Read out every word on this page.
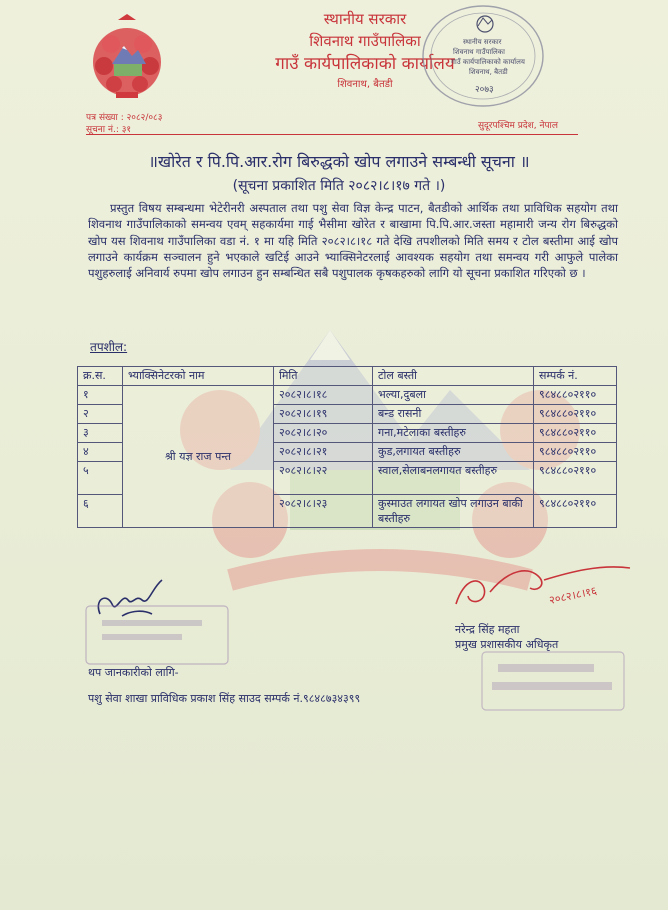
स्थानीय सरकार
शिवनाथ गाउँपालिका
गाउँ कार्यपालिकाको कार्यालय
शिवनाथ, बैतडी
स्थानीय सरकार
शिवनाथ गाउँपालिका
गाउँ कार्यपालिकाको कार्यालय
शिवनाथ, बैतडी
२०७३
पत्र संख्या : २०८२/०८३
सूचना नं.: ३१	सुदूरपश्चिम प्रदेश, नेपाल
॥खोरेत र पि.पि.आर.रोग बिरुद्धको खोप लगाउने सम्बन्धी सूचना ॥
(सूचना प्रकाशित मिति २०८२।८।१७ गते ।)
प्रस्तुत विषय सम्बन्धमा भेटेरीनरी अस्पताल तथा पशु सेवा विज्ञ केन्द्र पाटन, बैतडीको आर्थिक तथा प्राविधिक सहयोग तथा शिवनाथ गाउँपालिकाको समन्वय एवम् सहकार्यमा गाई भैसीमा खोरेत र बाखामा पि.पि.आर.जस्ता महामारी जन्य रोग बिरुद्धको खोप यस शिवनाथ गाउँपालिका वडा नं. १ मा यहि मिति २०८२।८।१८ गते देखि तपशीलको मिति समय र टोल बस्तीमा आई खोप लगाउने कार्यक्रम सञ्चालन हुने भएकाले खटिई आउने भ्याक्सिनेटरलाई आवश्यक सहयोग तथा समन्वय गरी आफुले पालेका पशुहरुलाई अनिवार्य रुपमा खोप लगाउन हुन सम्बन्धित सबै पशुपालक कृषकहरुको लागि यो सूचना प्रकाशित गरिएको छ ।
तपशील:
क्र.स.	भ्याक्सिनेटरको नाम	मिति	टोल बस्ती	सम्पर्क नं.
१	श्री यज्ञ राज पन्त	२०८२।८।१८	भल्या,दुबला	९८४८८०२११०
२		२०८२।८।१९	बन्ड रासनी	९८४८८०२११०
३		२०८२।८।२०	गना,मटेलाका बस्तीहरु	९८४८८०२११०
४		२०८२।८।२१	कुड,लगायत बस्तीहरु	९८४८८०२११०
५		२०८२।८।२२	स्वाल,सेलाबनलगायत बस्तीहरु	९८४८८०२११०
६		२०८२।८।२३	कुस्माउत लगायत खोप लगाउन बाकी बस्तीहरु	९८४८८०२११०
२०८२।८।१६
नरेन्द्र सिंह महता
प्रमुख प्रशासकीय अधिकृत
थप जानकारीको लागि-
पशु सेवा शाखा प्राविधिक प्रकाश सिंह साउद सम्पर्क नं.९८४८७३४३९९
